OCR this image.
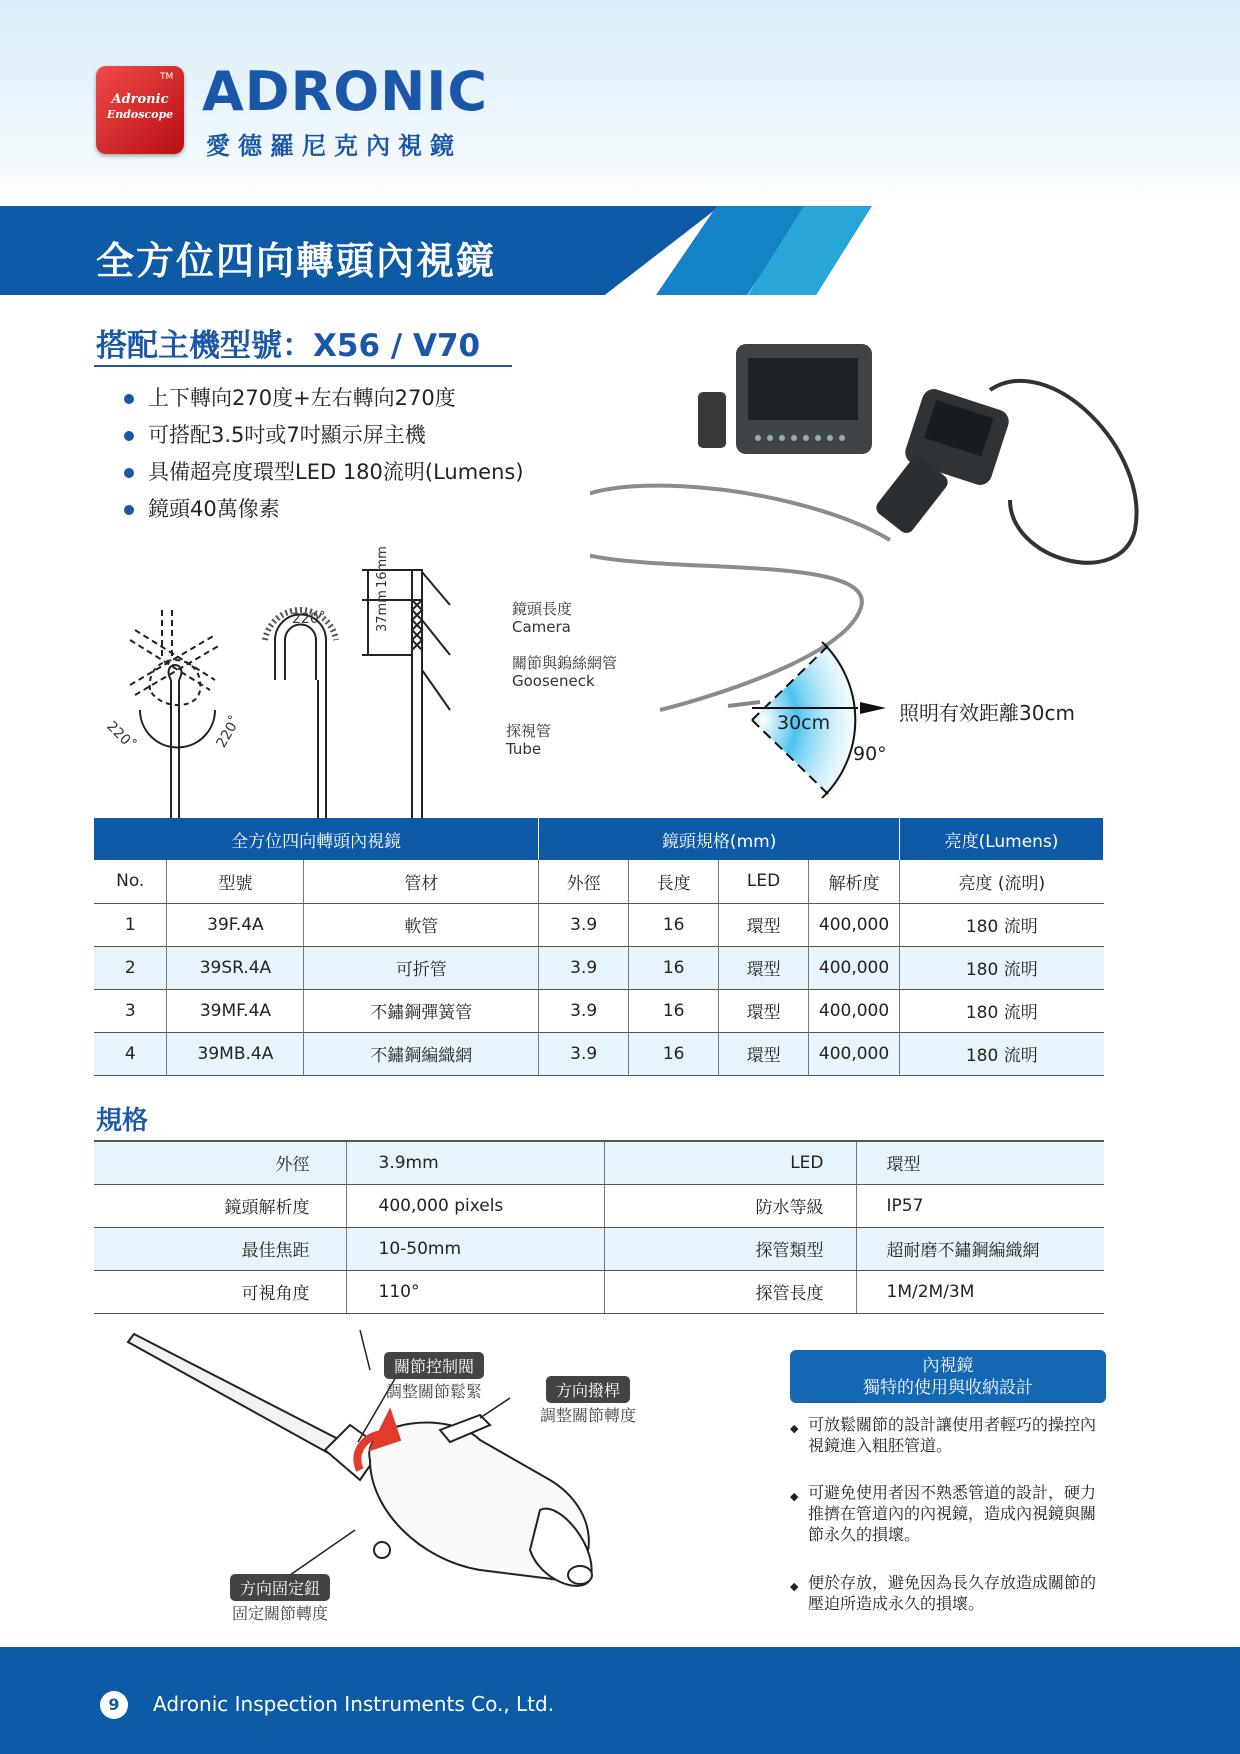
Adronic
Endoscope
TM ADRONIC
愛德羅尼克內視鏡
全方位四向轉頭內視鏡
搭配主機型號：X56 / V70
上下轉向270度+左右轉向270度
可搭配3.5吋或7吋顯示屏主機
具備超亮度環型LED 180流明(Lumens)
鏡頭40萬像素
30cm
90°
照明有效距離30cm
220˚
220˚	220˚
37mm
16mm
鏡頭長度
Camera
關節與鎢絲網管
Gooseneck
探視管
Tube
全方位四向轉頭內視鏡			鏡頭規格(mm)				亮度(Lumens)
No.	型號	管材	外徑	長度	LED	解析度	亮度 (流明)
1	39F.4A	軟管	3.9	16	環型	400,000	180 流明
2	39SR.4A	可折管	3.9	16	環型	400,000	180 流明
3	39MF.4A	不鏽鋼彈簧管	3.9	16	環型	400,000	180 流明
4	39MB.4A	不鏽鋼編織網	3.9	16	環型	400,000	180 流明
規格
外徑	3.9mm	LED	環型
鏡頭解析度	400,000 pixels	防水等級	IP57
最佳焦距	10-50mm	探管類型	超耐磨不鏽鋼編織網
可視角度	110°	探管長度	1M/2M/3M
關節控制閥
調整關節鬆緊	方向撥桿
調整關節轉度
方向固定鈕
固定關節轉度
內視鏡
獨特的使用與收納設計
◆ 可放鬆關節的設計讓使用者輕巧的操控內視鏡進入粗胚管道。
◆ 可避免使用者因不熟悉管道的設計，硬力推擠在管道內的內視鏡，造成內視鏡與關節永久的損壞。
◆ 便於存放，避免因為長久存放造成關節的壓迫所造成永久的損壞。
9	Adronic Inspection Instruments Co., Ltd.
